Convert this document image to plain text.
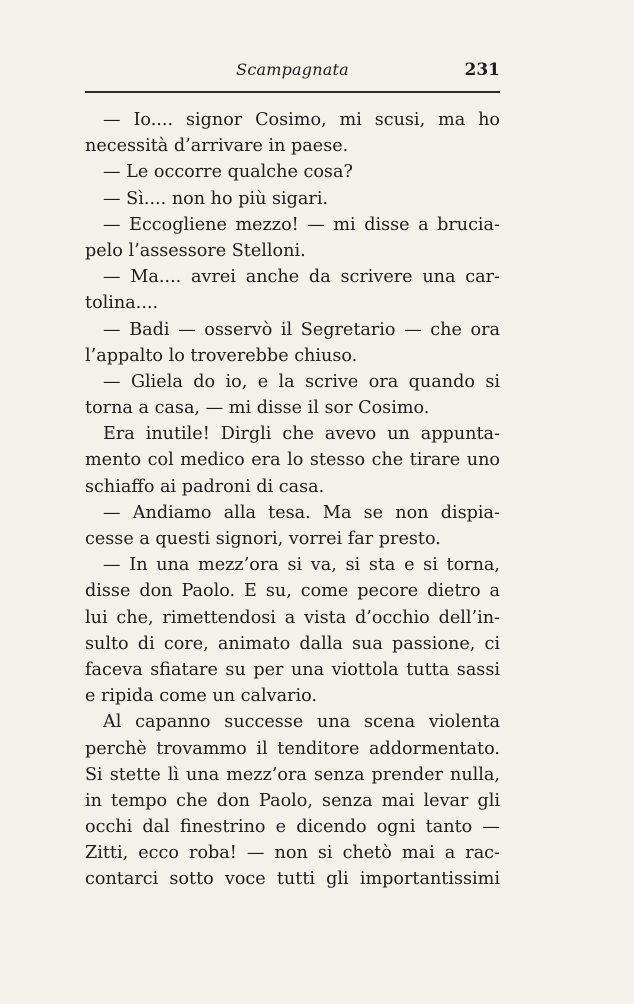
Scampagnata	231
— Io.... signor Cosimo, mi scusi, ma ho
necessità d’arrivare in paese.
— Le occorre qualche cosa?
— Sì.... non ho più sigari.
— Eccogliene mezzo! — mi disse a brucia-
pelo l’assessore Stelloni.
— Ma.... avrei anche da scrivere una car-
tolina....
— Badi — osservò il Segretario — che ora
l’appalto lo troverebbe chiuso.
— Gliela do io, e la scrive ora quando si
torna a casa, — mi disse il sor Cosimo.
Era inutile! Dirgli che avevo un appunta-
mento col medico era lo stesso che tirare uno
schiaffo ai padroni di casa.
— Andiamo alla tesa. Ma se non dispia-
cesse a questi signori, vorrei far presto.
— In una mezz’ora si va, si sta e si torna,
disse don Paolo. E su, come pecore dietro a
lui che, rimettendosi a vista d’occhio dell’in-
sulto di core, animato dalla sua passione, ci
faceva sfiatare su per una viottola tutta sassi
e ripida come un calvario.
Al capanno successe una scena violenta
perchè trovammo il tenditore addormentato.
Si stette lì una mezz’ora senza prender nulla,
in tempo che don Paolo, senza mai levar gli
occhi dal finestrino e dicendo ogni tanto —
Zitti, ecco roba! — non si chetò mai a rac-
contarci sotto voce tutti gli importantissimi
